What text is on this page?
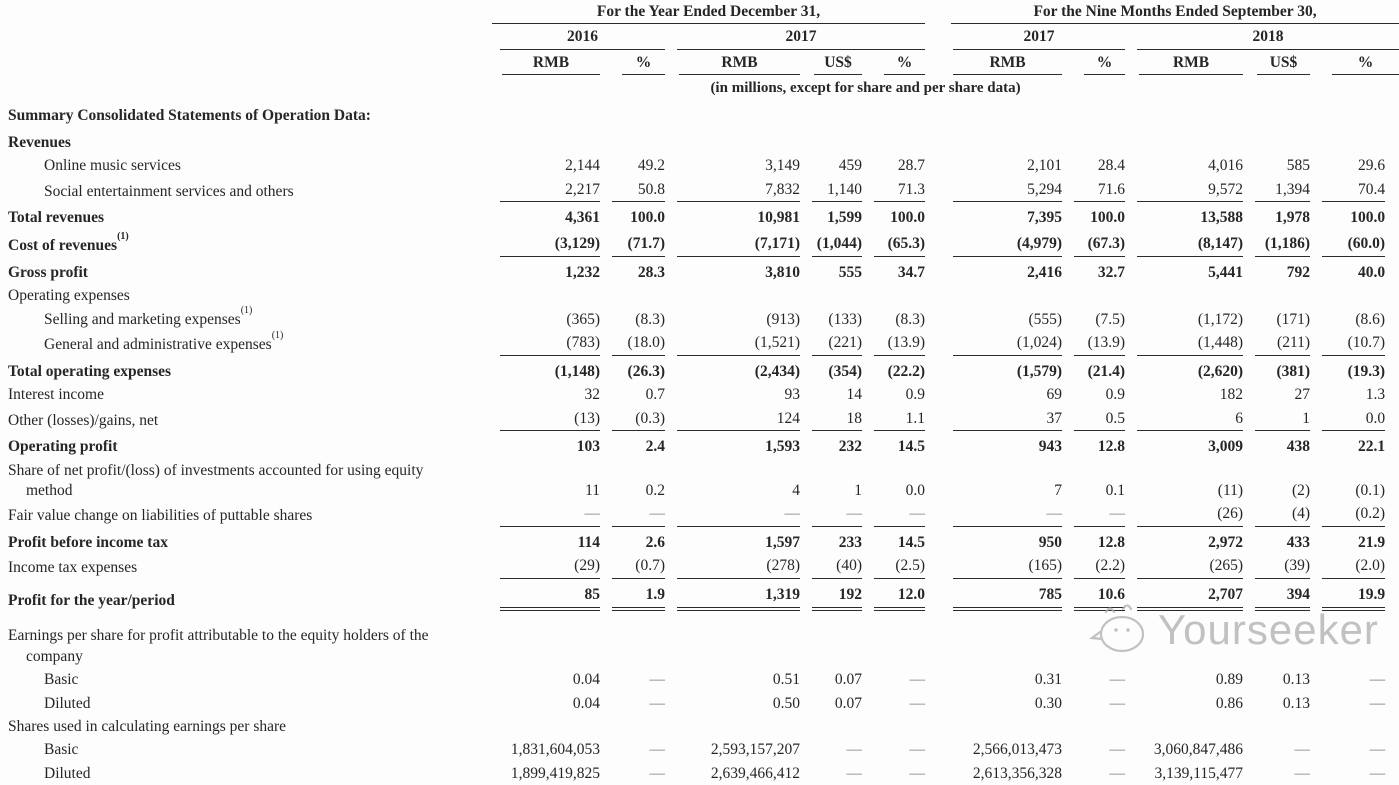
	For the Year Ended December 31,					For the Nine Months Ended September 30,				

	2016		2017			2017		2018		

	RMB	%	RMB	US$	%	RMB	%	RMB	US$	%

	(in millions, except for share and per share data)									
Summary Consolidated Statements of Operation Data:	

Revenues	

Online music services	2,144	49.2	3,149	459	28.7	2,101	28.4	4,016	585	29.6

Social entertainment services and others	2,217	50.8	7,832	1,140	71.3	5,294	71.6	9,572	1,394	70.4

Total revenues	4,361	100.0	10,981	1,599	100.0	7,395	100.0	13,588	1,978	100.0

Cost of revenues$^{(1)}$	(3,129)	(71.7)	(7,171)	(1,044)	(65.3)	(4,979)	(67.3)	(8,147)	(1,186)	(60.0)

Gross profit	1,232	28.3	3,810	555	34.7	2,416	32.7	5,441	792	40.0

Operating expenses	

Selling and marketing expenses$^{(1)}$	(365)	(8.3)	(913)	(133)	(8.3)	(555)	(7.5)	(1,172)	(171)	(8.6)

General and administrative expenses$^{(1)}$	(783)	(18.0)	(1,521)	(221)	(13.9)	(1,024)	(13.9)	(1,448)	(211)	(10.7)

Total operating expenses	(1,148)	(26.3)	(2,434)	(354)	(22.2)	(1,579)	(21.4)	(2,620)	(381)	(19.3)

Interest income	32	0.7	93	14	0.9	69	0.9	182	27	1.3

Other (losses)/gains, net	(13)	(0.3)	124	18	1.1	37	0.5	6	1	0.0

Operating profit	103	2.4	1,593	232	14.5	943	12.8	3,009	438	22.1

Share of net profit/(loss) of investments accounted for using equity
method	11	0.2	4	1	0.0	7	0.1	(11)	(2)	(0.1)

Fair value change on liabilities of puttable shares	—	—	—	—	—	—	—	(26)	(4)	(0.2)

Profit before income tax	114	2.6	1,597	233	14.5	950	12.8	2,972	433	21.9

Income tax expenses	(29)	(0.7)	(278)	(40)	(2.5)	(165)	(2.2)	(265)	(39)	(2.0)

Profit for the year/period	85	1.9	1,319	192	12.0	785	10.6	2,707	394	19.9

Earnings per share for profit attributable to the equity holders of the
company										

Basic	0.04	—	0.51	0.07	—	0.31	—	0.89	0.13	—

Diluted	0.04	—	0.50	0.07	—	0.30	—	0.86	0.13	—

Shares used in calculating earnings per share	

Basic	1,831,604,053	—	2,593,157,207	—	—	2,566,013,473	—	3,060,847,486	—	—

Diluted	1,899,419,825	—	2,639,466,412	—	—	2,613,356,328	—	3,139,115,477	—	—
Yourseeker
